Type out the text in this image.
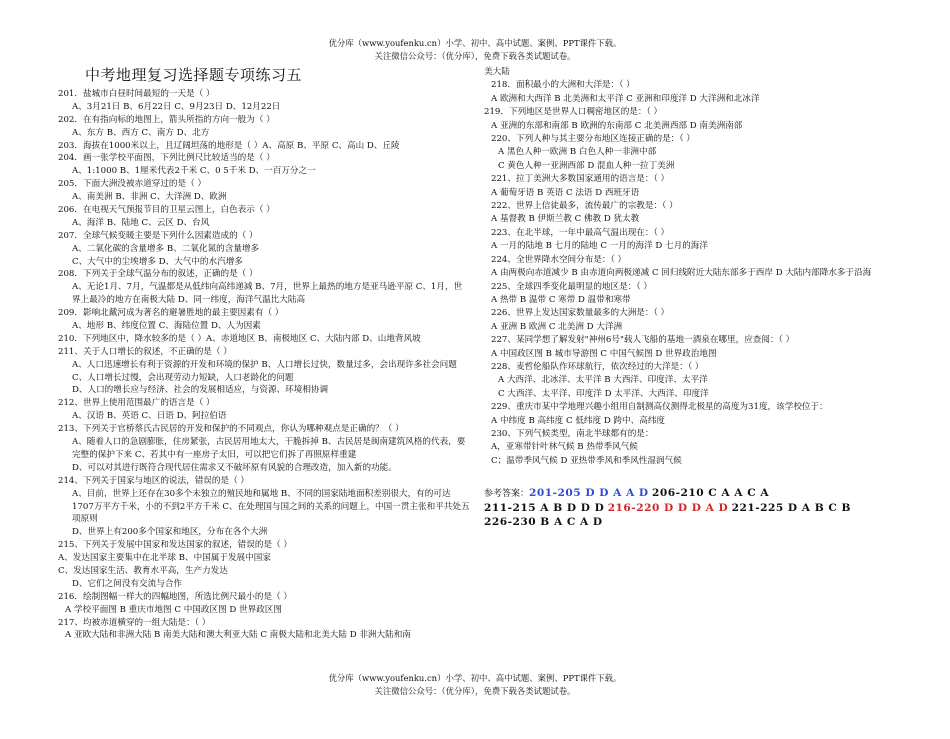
优分库（www.youfenku.cn）小学、初中、高中试题、案例、PPT课件下载。
关注微信公众号：（优分库），免费下载各类试题试卷。
中考地理复习选择题专项练习五
201．盐城市白昼时间最短的一天是（ ）
A、3月21日 B、6月22日 C、9月23日 D、12月22日
202．在有指向标的地图上，箭头所指的方向一般为（ ）
A、东方 B、西方 C、南方 D、北方
203．海拔在1000米以上，且辽阔坦荡的地形是（ ）A、高原 B、平原 C、高山 D、丘陵
204．画一张学校平面图，下列比例尺比较适当的是（ ）
A、1:1000 B、1厘米代表2千米 C、0 5千米 D、一百万分之一
205．下面大洲没被赤道穿过的是（ ）
A、南美洲 B、非洲 C、大洋洲 D、欧洲
206．在电视天气预报节目的卫星云图上，白色表示（ ）
A、海洋 B、陆地 C、云区 D、台风
207．全球气候变暖主要是下列什么因素造成的（ ）
A、二氧化碳的含量增多 B、二氧化氮的含量增多
C、大气中的尘埃增多 D、大气中的水汽增多
208．下列关于全球气温分布的叙述，正确的是（ ）
A、无论1月、7月，气温都是从低纬向高纬递减 B、7月，世界上最热的地方是亚马逊平原 C、1月，世界上最冷的地方在南极大陆 D、同一纬度，海洋气温比大陆高
209．影响北戴河成为著名的避暑胜地的最主要因素有（ ）
A、地形 B、纬度位置 C、海陆位置 D、人为因素
210．下列地区中，降水较多的是（ ）A、赤道地区 B、南极地区 C、大陆内部 D、山地背风坡
211、关于人口增长的叙述，不正确的是（ ）
A、人口迅速增长有利于资源的开发和环境的保护 B、人口增长过快，数量过多，会出现许多社会问题 C、人口增长过慢，会出现劳动力短缺，人口老龄化的问题
D、人口的增长应与经济、社会的发展相适应，与资源、环境相协调
212、世界上使用范围最广的语言是（ ）
A、汉语 B、英语 C、日语 D、阿拉伯语
213、下列关于官桥蔡氏古民居的开发和保护的不同观点，你认为哪种观点是正确的？（ ）
A、随着人口的急剧膨胀，住房紧张，古民居用地太大，干脆拆掉 B、古民居是闽南建筑风格的代表，要完整的保护下来 C、若其中有一座房子太旧，可以把它们拆了再照原样重建
D、可以对其进行既符合现代居住需求又不破坏原有风貌的合理改造，加入新的功能。
214、下列关于国家与地区的说法，错误的是（ ）
A、目前，世界上还存在30多个未独立的殖民地和属地 B、不同的国家陆地面积差别很大，有的可达1707万平方千米，小的不到2平方千米 C、在处理国与国之间的关系的问题上，中国一贯主张和平共处五项原则
D、世界上有200多个国家和地区，分布在各个大洲
215、下列关于发展中国家和发达国家的叙述，错误的是（ ）
A、发达国家主要集中在北半球 B、中国属于发展中国家
C、发达国家生活、教育水平高，生产力发达
D、它们之间没有交流与合作
216．绘制图幅一样大的四幅地图，所选比例尺最小的是（ ）
A 学校平面图 B 重庆市地图 C 中国政区图 D 世界政区图
217、均被赤道横穿的一组大陆是：（ ）
A 亚欧大陆和非洲大陆 B 南美大陆和澳大利亚大陆 C 南极大陆和北美大陆 D 非洲大陆和南
美大陆
218．面积最小的大洲和大洋是：（ ）
A 欧洲和大西洋 B 北美洲和太平洋 C 亚洲和印度洋 D 大洋洲和北冰洋
219．下列地区是世界人口稠密地区的是：（ ）
A 亚洲的东部和南部 B 欧洲的东南部 C 北美洲西部 D 南美洲南部
220、下列人种与其主要分布地区连接正确的是：（ ）
A 黑色人种一欧洲 B 白色人种一非洲中部
C 黄色人种一亚洲西部 D 混血人种一拉丁美洲
221、拉丁美洲大多数国家通用的语言是：（ ）
A 葡萄牙语 B 英语 C 法语 D 西班牙语
222、世界上信徒最多，流传最广的宗教是：（ ）
A 基督教 B 伊斯兰教 C 佛教 D 犹太教
223、在北半球，一年中最高气温出现在：（ ）
A 一月的陆地 B 七月的陆地 C 一月的海洋 D 七月的海洋
224、全世界降水空间分布是：（ ）
A 由两极向赤道减少 B 由赤道向两极递减 C 回归线附近大陆东部多于西岸 D 大陆内部降水多于沿海
225、全球四季变化最明显的地区是：（ ）
A 热带 B 温带 C 寒带 D 温带和寒带
226、世界上发达国家数量最多的大洲是：（ ）
A 亚洲 B 欧洲 C 北美洲 D 大洋洲
227、某同学想了解发射"神州6号"载人飞船的基地一酒泉在哪里，应查阅：（ ）
A 中国政区图 B 城市导游图 C 中国气候图 D 世界政治地图
228、麦哲伦船队作环球航行，依次经过的大洋是：（ ）
A 大西洋、北冰洋、太平洋 B 大西洋、印度洋、太平洋
C 大西洋、太平洋、印度洋 D 太平洋、大西洋、印度洋
229、重庆市某中学地理兴趣小组用自制测高仪测得北极星的高度为31度，该学校位于：
A 中纬度 B 高纬度 C 低纬度 D 跨中、高纬度
230、下列气候类型，南北半球都有的是：
A，亚寒带针叶林气候 B 热带季风气候
C；温带季风气候 D 亚热带季风和季风性湿润气候
参考答案：201-205 D D A A D 206-210 C A A C A
211-215 A B D D D 216-220 D D D A D 221-225 D A B C B
226-230 B A C A D
优分库（www.youfenku.cn）小学、初中、高中试题、案例、PPT课件下载。
关注微信公众号：（优分库），免费下载各类试题试卷。
